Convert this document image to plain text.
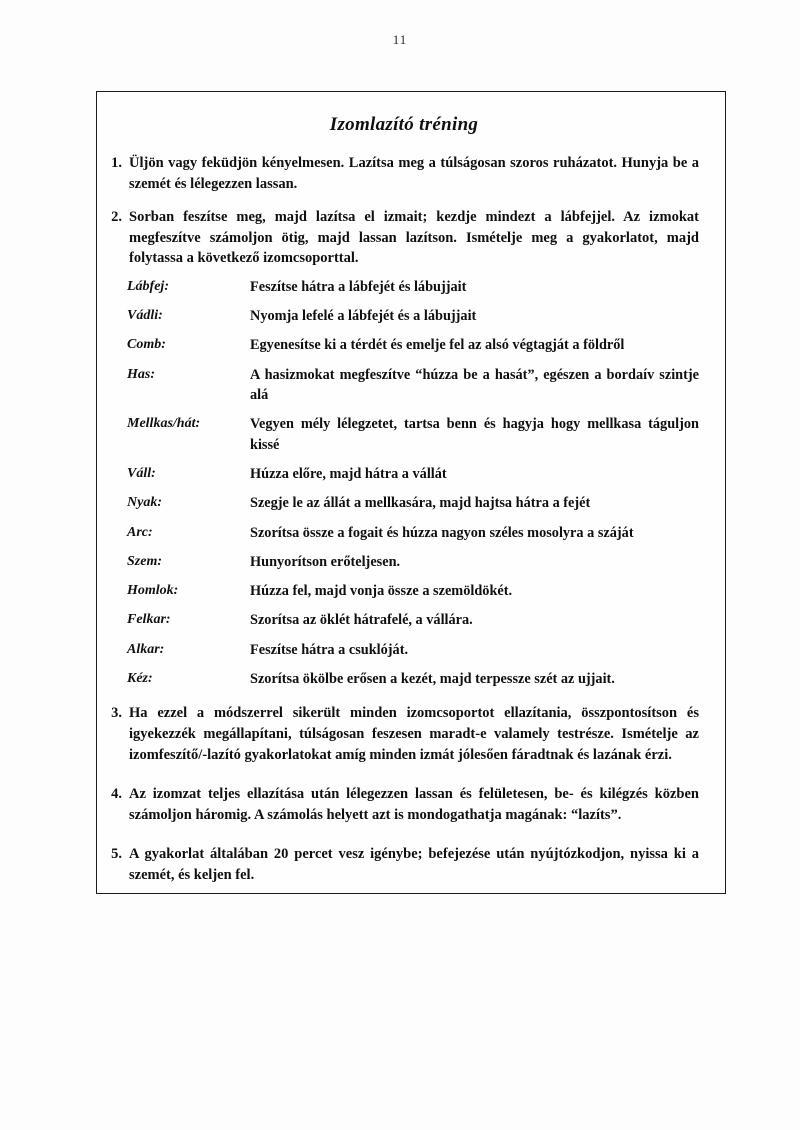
11
Izomlazító tréning
1. Üljön vagy feküdjön kényelmesen. Lazítsa meg a túlságosan szoros ruházatot. Hunyja be a szemét és lélegezzen lassan.
2. Sorban feszítse meg, majd lazítsa el izmait; kezdje mindezt a lábfejjel. Az izmokat megfeszítve számoljon ötig, majd lassan lazítson. Ismételje meg a gyakorlatot, majd folytassa a következő izomcsoporttal.
Lábfej:	Feszítse hátra a lábfejét és lábujjait
Vádli:	Nyomja lefelé a lábfejét és a lábujjait
Comb:	Egyenesítse ki a térdét és emelje fel az alsó végtagját a földről
Has:	A hasizmokat megfeszítve “húzza be a hasát”, egészen a bordaív szintje alá
Mellkas/hát:	Vegyen mély lélegzetet, tartsa benn és hagyja hogy mellkasa táguljon kissé
Váll:	Húzza előre, majd hátra a vállát
Nyak:	Szegje le az állát a mellkasára, majd hajtsa hátra a fejét
Arc:	Szorítsa össze a fogait és húzza nagyon széles mosolyra a száját
Szem:	Hunyorítson erőteljesen.
Homlok:	Húzza fel, majd vonja össze a szemöldökét.
Felkar:	Szorítsa az öklét hátrafelé, a vállára.
Alkar:	Feszítse hátra a csuklóját.
Kéz:	Szorítsa ökölbe erősen a kezét, majd terpessze szét az ujjait.
3. Ha ezzel a módszerrel sikerült minden izomcsoportot ellazítania, összpontosítson és igyekezzék megállapítani, túlságosan feszesen maradt-e valamely testrésze. Ismételje az izomfeszítő/-lazító gyakorlatokat amíg minden izmát jólesően fáradtnak és lazának érzi.
4. Az izomzat teljes ellazítása után lélegezzen lassan és felületesen, be- és kilégzés közben számoljon háromig. A számolás helyett azt is mondogathatja magának: “lazíts”.
5. A gyakorlat általában 20 percet vesz igénybe; befejezése után nyújtózkodjon, nyissa ki a szemét, és keljen fel.
